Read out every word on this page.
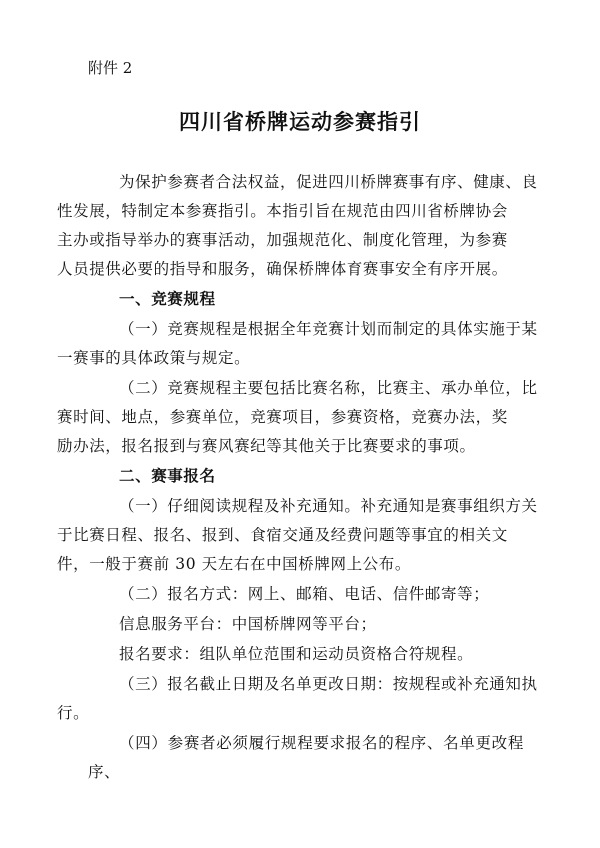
附件 2
四川省桥牌运动参赛指引

为保护参赛者合法权益，促进四川桥牌赛事有序、健康、良
性发展，特制定本参赛指引。本指引旨在规范由四川省桥牌协会
主办或指导举办的赛事活动，加强规范化、制度化管理，为参赛
人员提供必要的指导和服务，确保桥牌体育赛事安全有序开展。

一、竞赛规程

（一）竞赛规程是根据全年竞赛计划而制定的具体实施于某
一赛事的具体政策与规定。

（二）竞赛规程主要包括比赛名称，比赛主、承办单位，比
赛时间、地点，参赛单位，竞赛项目，参赛资格，竞赛办法，奖
励办法，报名报到与赛风赛纪等其他关于比赛要求的事项。

二、赛事报名

（一）仔细阅读规程及补充通知。补充通知是赛事组织方关
于比赛日程、报名、报到、食宿交通及经费问题等事宜的相关文
件，一般于赛前 30 天左右在中国桥牌网上公布。

（二）报名方式：网上、邮箱、电话、信件邮寄等；

信息服务平台：中国桥牌网等平台；

报名要求：组队单位范围和运动员资格合符规程。

（三）报名截止日期及名单更改日期：按规程或补充通知执
行。

（四）参赛者必须履行规程要求报名的程序、名单更改程序、
